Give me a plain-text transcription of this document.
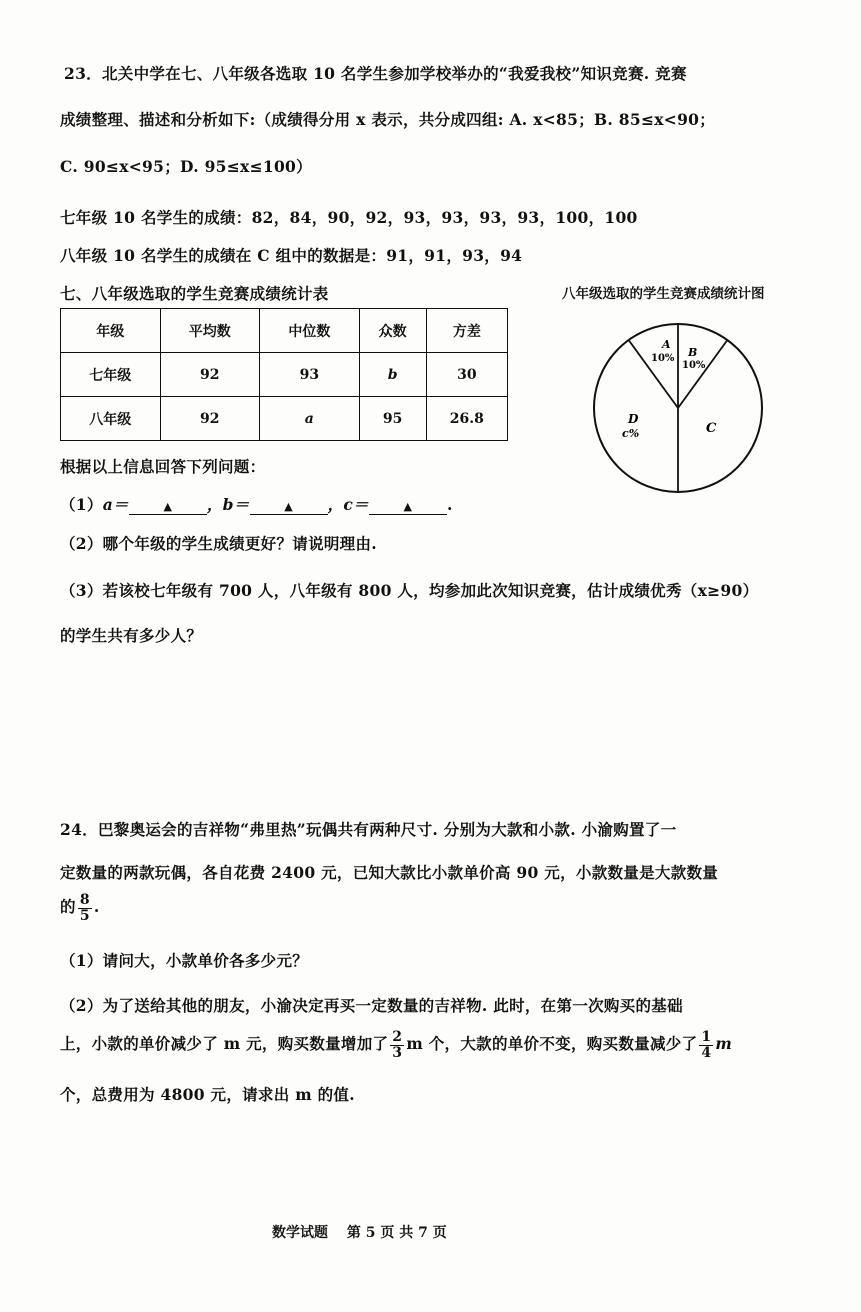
23．北关中学在七、八年级各选取 10 名学生参加学校举办的“我爱我校”知识竞赛. 竞赛
成绩整理、描述和分析如下:（成绩得分用 x 表示，共分成四组: A. x<85；B. 85≤x<90；
C. 90≤x<95；D. 95≤x≤100）
七年级 10 名学生的成绩：82，84，90，92，93，93，93，93，100，100
八年级 10 名学生的成绩在 C 组中的数据是：91，91，93，94
七、八年级选取的学生竞赛成绩统计表
年级	平均数	中位数	众数	方差
七年级	92	93	b	30
八年级	92	a	95	26.8
八年级选取的学生竞赛成绩统计图
A
10% B
10%
C
D
c%
根据以上信息回答下列问题：
（1）a＝	▲ ，b＝	▲ ，c＝	▲ .
（2）哪个年级的学生成绩更好？请说明理由.
（3）若该校七年级有 700 人，八年级有 800 人，均参加此次知识竞赛，估计成绩优秀（x≥90）
的学生共有多少人？
24．巴黎奥运会的吉祥物“弗里热”玩偶共有两种尺寸. 分别为大款和小款. 小渝购置了一
定数量的两款玩偶，各自花费 2400 元，已知大款比小款单价高 90 元，小款数量是大款数量
的 $\frac{8}{5}$ .
（1）请问大，小款单价各多少元？
（2）为了送给其他的朋友，小渝决定再买一定数量的吉祥物. 此时，在第一次购买的基础
上，小款的单价减少了 m 元，购买数量增加了 $\frac{2}{3}$ m 个，大款的单价不变，购买数量减少了 $\frac{1}{4}$ m
个，总费用为 4800 元，请求出 m 的值.
数学试题　 第 5 页 共 7 页
